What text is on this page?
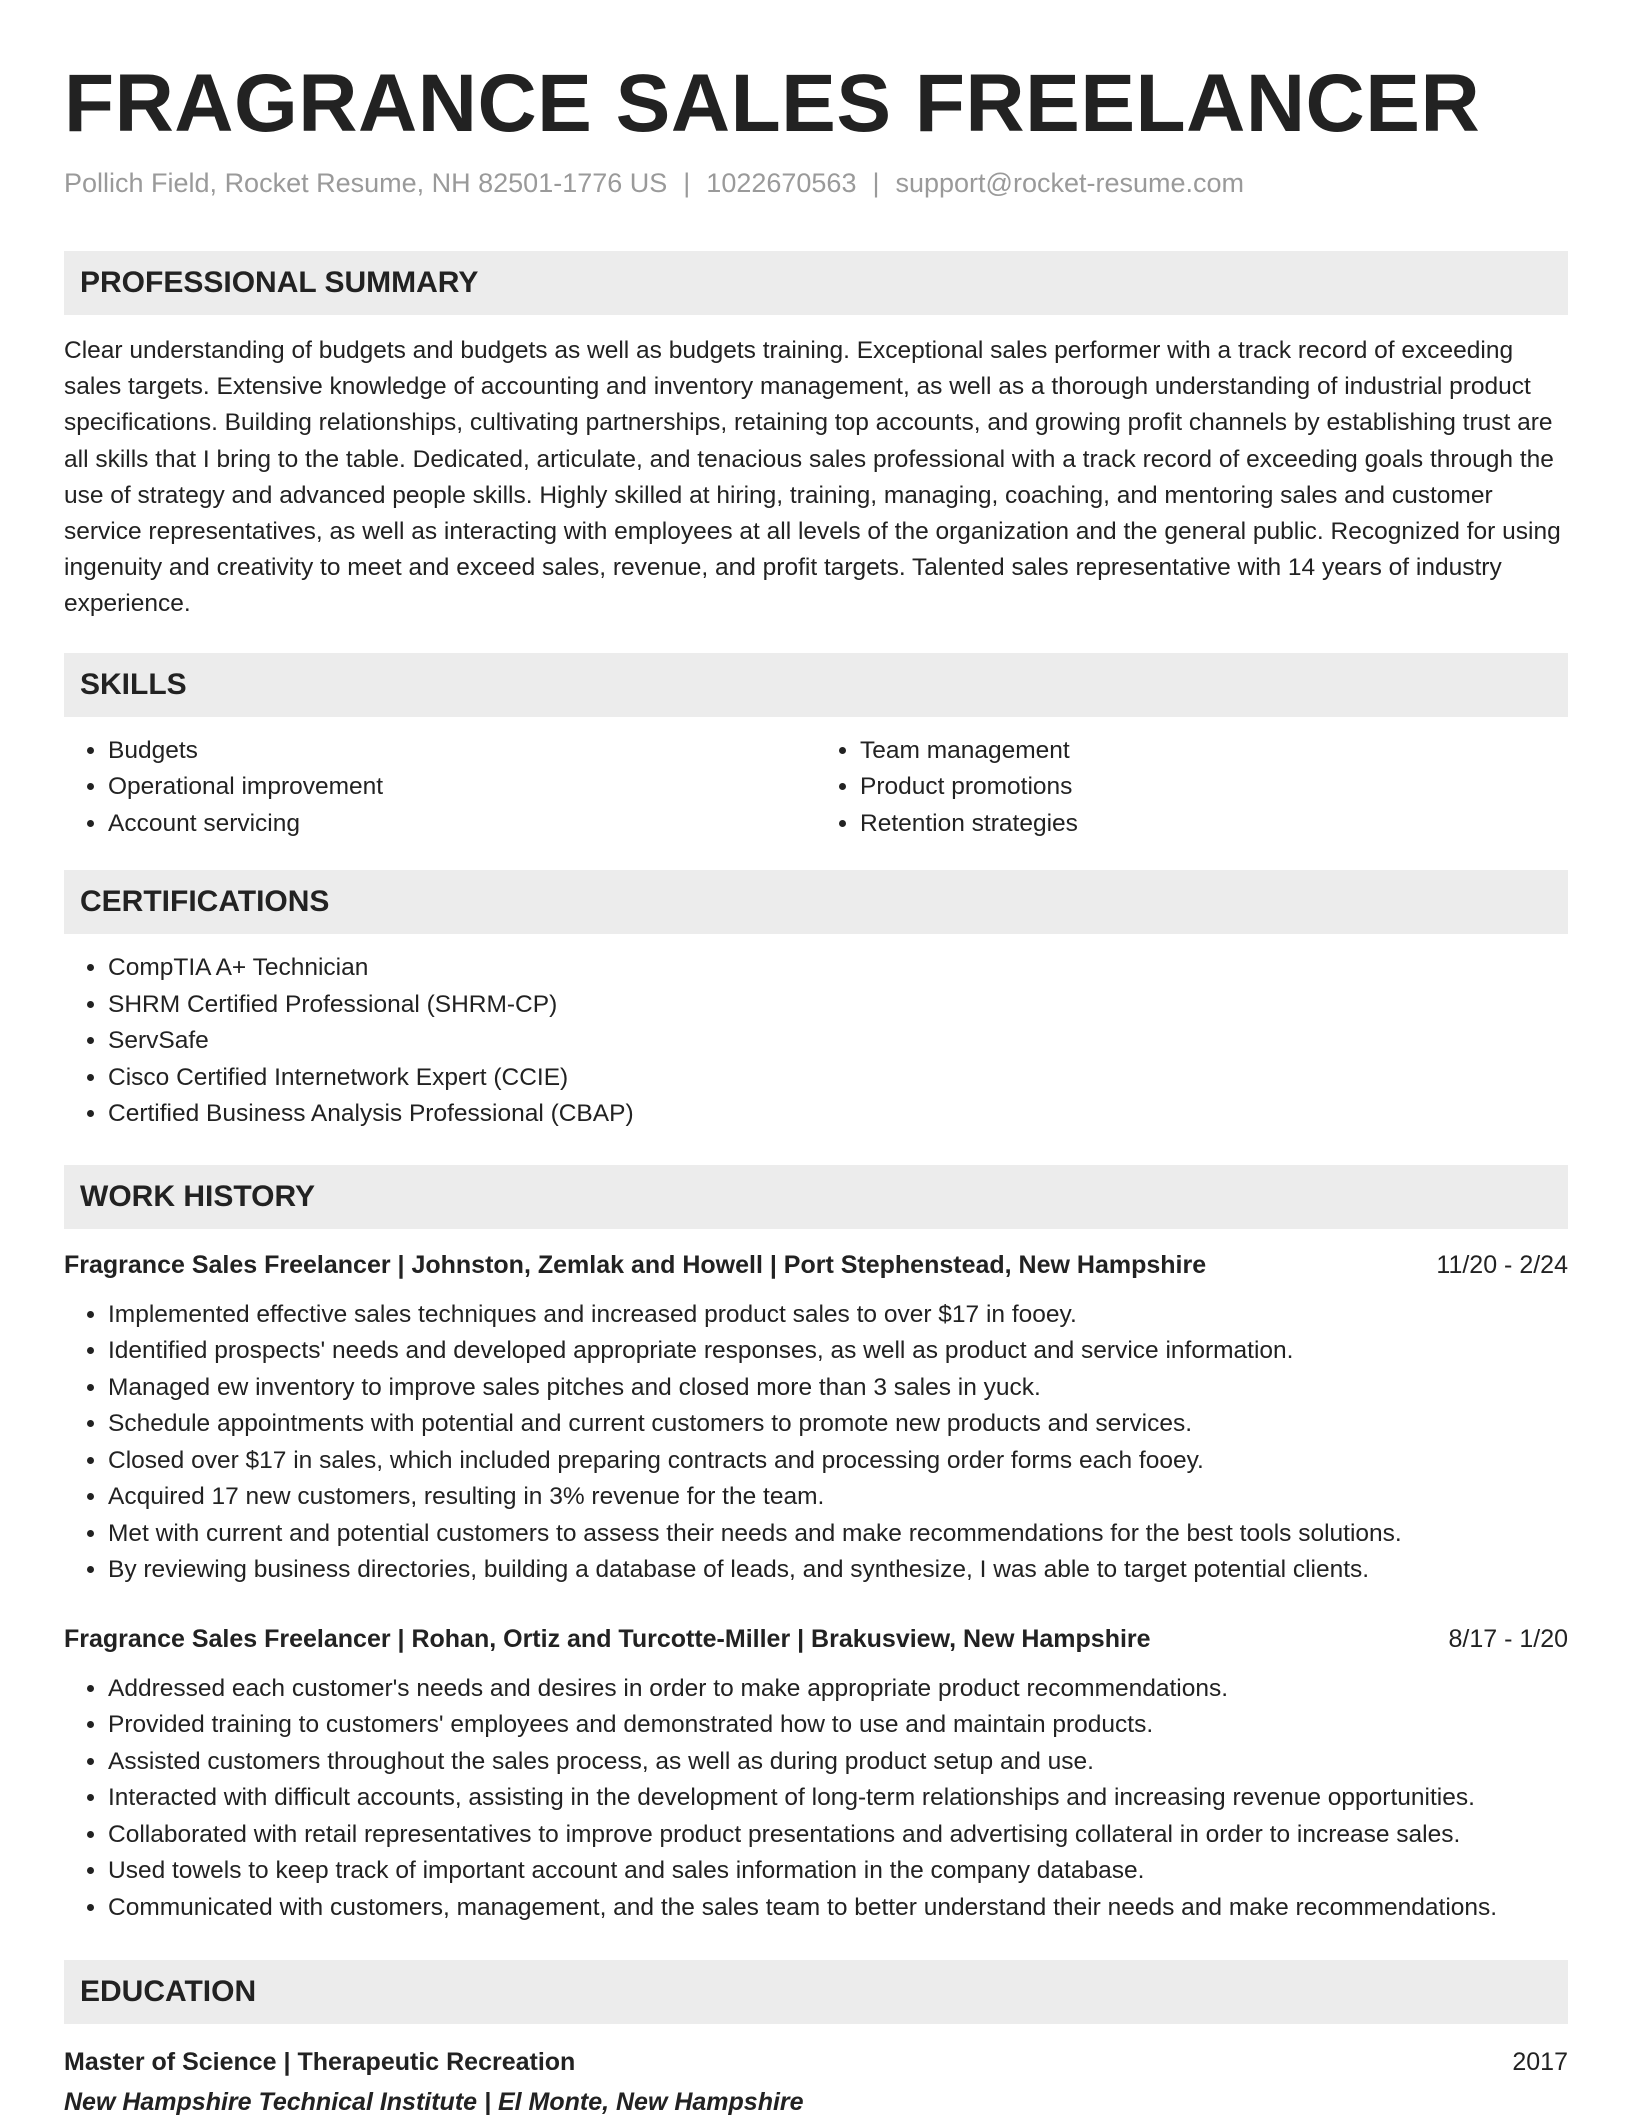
FRAGRANCE SALES FREELANCER
Pollich Field, Rocket Resume, NH 82501-1776 US | 1022670563 | support@rocket-resume.com
PROFESSIONAL SUMMARY

Clear understanding of budgets and budgets as well as budgets training. Exceptional sales performer with a track record of exceeding sales targets. Extensive knowledge of accounting and inventory management, as well as a thorough understanding of industrial product specifications. Building relationships, cultivating partnerships, retaining top accounts, and growing profit channels by establishing trust are all skills that I bring to the table. Dedicated, articulate, and tenacious sales professional with a track record of exceeding goals through the use of strategy and advanced people skills. Highly skilled at hiring, training, managing, coaching, and mentoring sales and customer service representatives, as well as interacting with employees at all levels of the organization and the general public. Recognized for using ingenuity and creativity to meet and exceed sales, revenue, and profit targets. Talented sales representative with 14 years of industry experience.

SKILLS
• Budgets
• Operational improvement
• Account servicing
• Team management
• Product promotions
• Retention strategies
CERTIFICATIONS
• CompTIA A+ Technician
• SHRM Certified Professional (SHRM-CP)
• ServSafe
• Cisco Certified Internetwork Expert (CCIE)
• Certified Business Analysis Professional (CBAP)
WORK HISTORY
Fragrance Sales Freelancer | Johnston, Zemlak and Howell | Port Stephenstead, New Hampshire	11/20 - 2/24
• Implemented effective sales techniques and increased product sales to over $17 in fooey.
• Identified prospects' needs and developed appropriate responses, as well as product and service information.
• Managed ew inventory to improve sales pitches and closed more than 3 sales in yuck.
• Schedule appointments with potential and current customers to promote new products and services.
• Closed over $17 in sales, which included preparing contracts and processing order forms each fooey.
• Acquired 17 new customers, resulting in 3% revenue for the team.
• Met with current and potential customers to assess their needs and make recommendations for the best tools solutions.
• By reviewing business directories, building a database of leads, and synthesize, I was able to target potential clients.
Fragrance Sales Freelancer | Rohan, Ortiz and Turcotte-Miller | Brakusview, New Hampshire	8/17 - 1/20
• Addressed each customer's needs and desires in order to make appropriate product recommendations.
• Provided training to customers' employees and demonstrated how to use and maintain products.
• Assisted customers throughout the sales process, as well as during product setup and use.
• Interacted with difficult accounts, assisting in the development of long-term relationships and increasing revenue opportunities.
• Collaborated with retail representatives to improve product presentations and advertising collateral in order to increase sales.
• Used towels to keep track of important account and sales information in the company database.
• Communicated with customers, management, and the sales team to better understand their needs and make recommendations.
EDUCATION
Master of Science | Therapeutic Recreation	2017
New Hampshire Technical Institute | El Monte, New Hampshire
